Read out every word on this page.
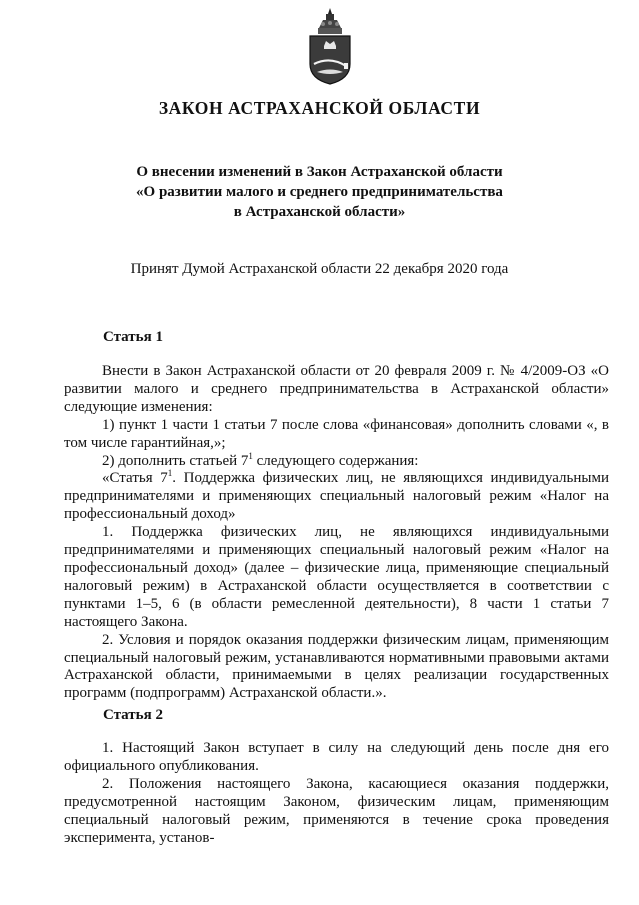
ЗАКОН АСТРАХАНСКОЙ ОБЛАСТИ
О внесении изменений в Закон Астраханской области
«О развитии малого и среднего предпринимательства
в Астраханской области»
Принят Думой Астраханской области 22 декабря 2020 года
Статья 1

Внести в Закон Астраханской области от 20 февраля 2009 г. № 4/2009-ОЗ «О развитии малого и среднего предпринимательства в Астраханской области» следующие изменения:

1) пункт 1 части 1 статьи 7 после слова «финансовая» дополнить словами «, в том числе гарантийная,»;

2) дополнить статьей $7^1$ следующего содержания:

«Статья $7^1$. Поддержка физических лиц, не являющихся индивидуальными предпринимателями и применяющих специальный налоговый режим «Налог на профессиональный доход»

1. Поддержка физических лиц, не являющихся индивидуальными предпринимателями и применяющих специальный налоговый режим «Налог на профессиональный доход» (далее – физические лица, применяющие специальный налоговый режим) в Астраханской области осуществляется в соответствии с пунктами 1–5, 6 (в области ремесленной деятельности), 8 части 1 статьи 7 настоящего Закона.

2. Условия и порядок оказания поддержки физическим лицам, применяющим специальный налоговый режим, устанавливаются нормативными правовыми актами Астраханской области, принимаемыми в целях реализации государственных программ (подпрограмм) Астраханской области.».

Статья 2

1. Настоящий Закон вступает в силу на следующий день после дня его официального опубликования.

2. Положения настоящего Закона, касающиеся оказания поддержки, предусмотренной настоящим Законом, физическим лицам, применяющим специальный налоговый режим, применяются в течение срока проведения эксперимента, установ-
